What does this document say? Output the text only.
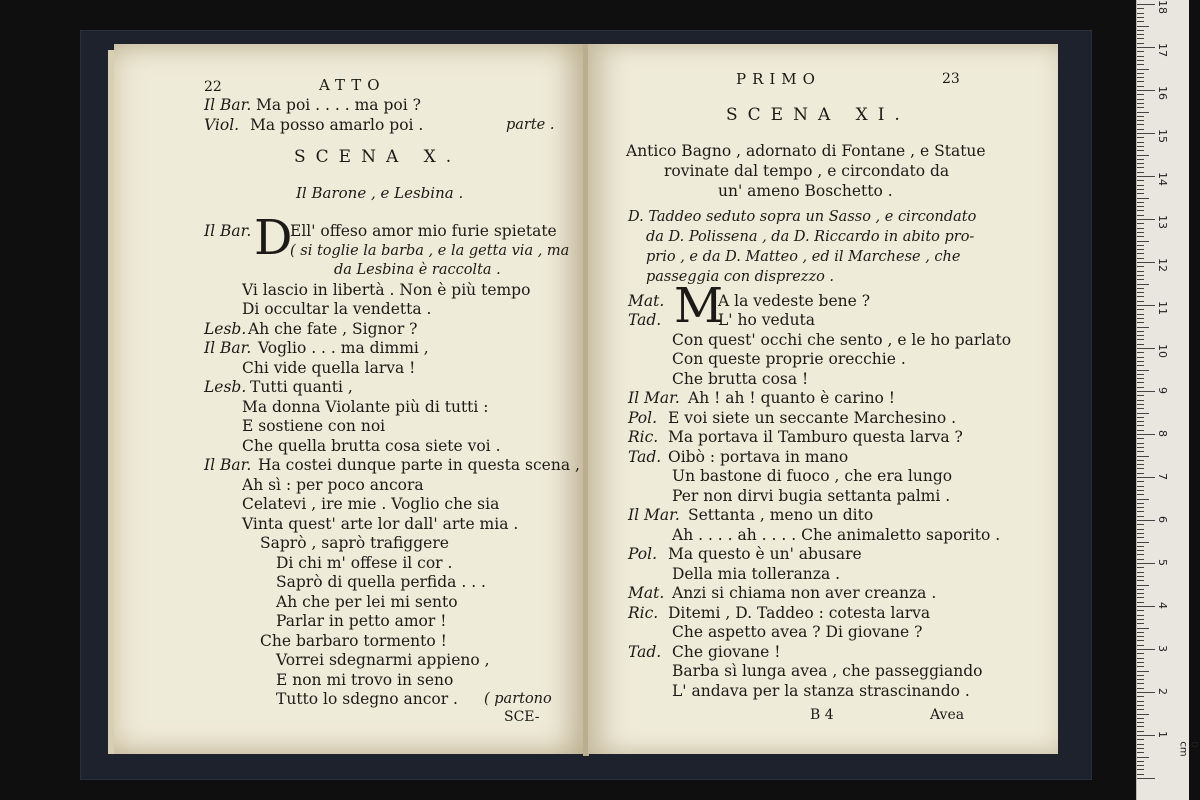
22	ATTO
Il Bar. Ma poi . . . . ma poi ?
Viol. Ma posso amarlo poi .	parte .
SCENA X.
Il Barone , e Lesbina .
Il Bar. D
Ell' offeso amor mio furie spietate
( si toglie la barba , e la getta via , ma
da Lesbina è raccolta .
Vi lascio in libertà . Non è più tempo
Di occultar la vendetta .
Lesb. Ah che fate , Signor ?
Il Bar. Voglio . . . ma dimmi ,
Chi vide quella larva !
Lesb. Tutti quanti ,
Ma donna Violante più di tutti :
E sostiene con noi
Che quella brutta cosa siete voi .
Il Bar. Ha costei dunque parte in questa scena ,
Ah sì : per poco ancora
Celatevi , ire mie . Voglio che sia
Vinta quest' arte lor dall' arte mia .
Saprò , saprò trafiggere
Di chi m' offese il cor .
Saprò di quella perfida . . .
Ah che per lei mi sento
Parlar in petto amor !
Che barbaro tormento !
Vorrei sdegnarmi appieno ,
E non mi trovo in seno
Tutto lo sdegno ancor . ( partono
SCE-
PRIMO	23
SCENA XI.
Antico Bagno , adornato di Fontane , e Statue
rovinate dal tempo , e circondato da
un' ameno Boschetto .
D. Taddeo seduto sopra un Sasso , e circondato
da D. Polissena , da D. Riccardo in abito pro-
prio , e da D. Matteo , ed il Marchese , che
passeggia con disprezzo .
Mat. M
A la vedeste bene ?
Tad.	L' ho veduta
Con quest' occhi che sento , e le ho parlato
Con queste proprie orecchie .
Che brutta cosa !
Il Mar. Ah ! ah ! quanto è carino !
Pol. E voi siete un seccante Marchesino .
Ric. Ma portava il Tamburo questa larva ?
Tad. Oibò : portava in mano
Un bastone di fuoco , che era lungo
Per non dirvi bugia settanta palmi .
Il Mar. Settanta , meno un dito
Ah . . . . ah . . . . Che animaletto saporito .
Pol. Ma questo è un' abusare
Della mia tolleranza .
Mat. Anzi si chiama non aver creanza .
Ric. Ditemi , D. Taddeo : cotesta larva
Che aspetto avea ? Di giovane ?
Tad. Che giovane !
Barba sì lunga avea , che passeggiando
L' andava per la stanza strascinando .
B 4	Avea
18
17
16
15
14
13
12
11
10
9
8
7
6
5
4
3
2
1
0 cm
